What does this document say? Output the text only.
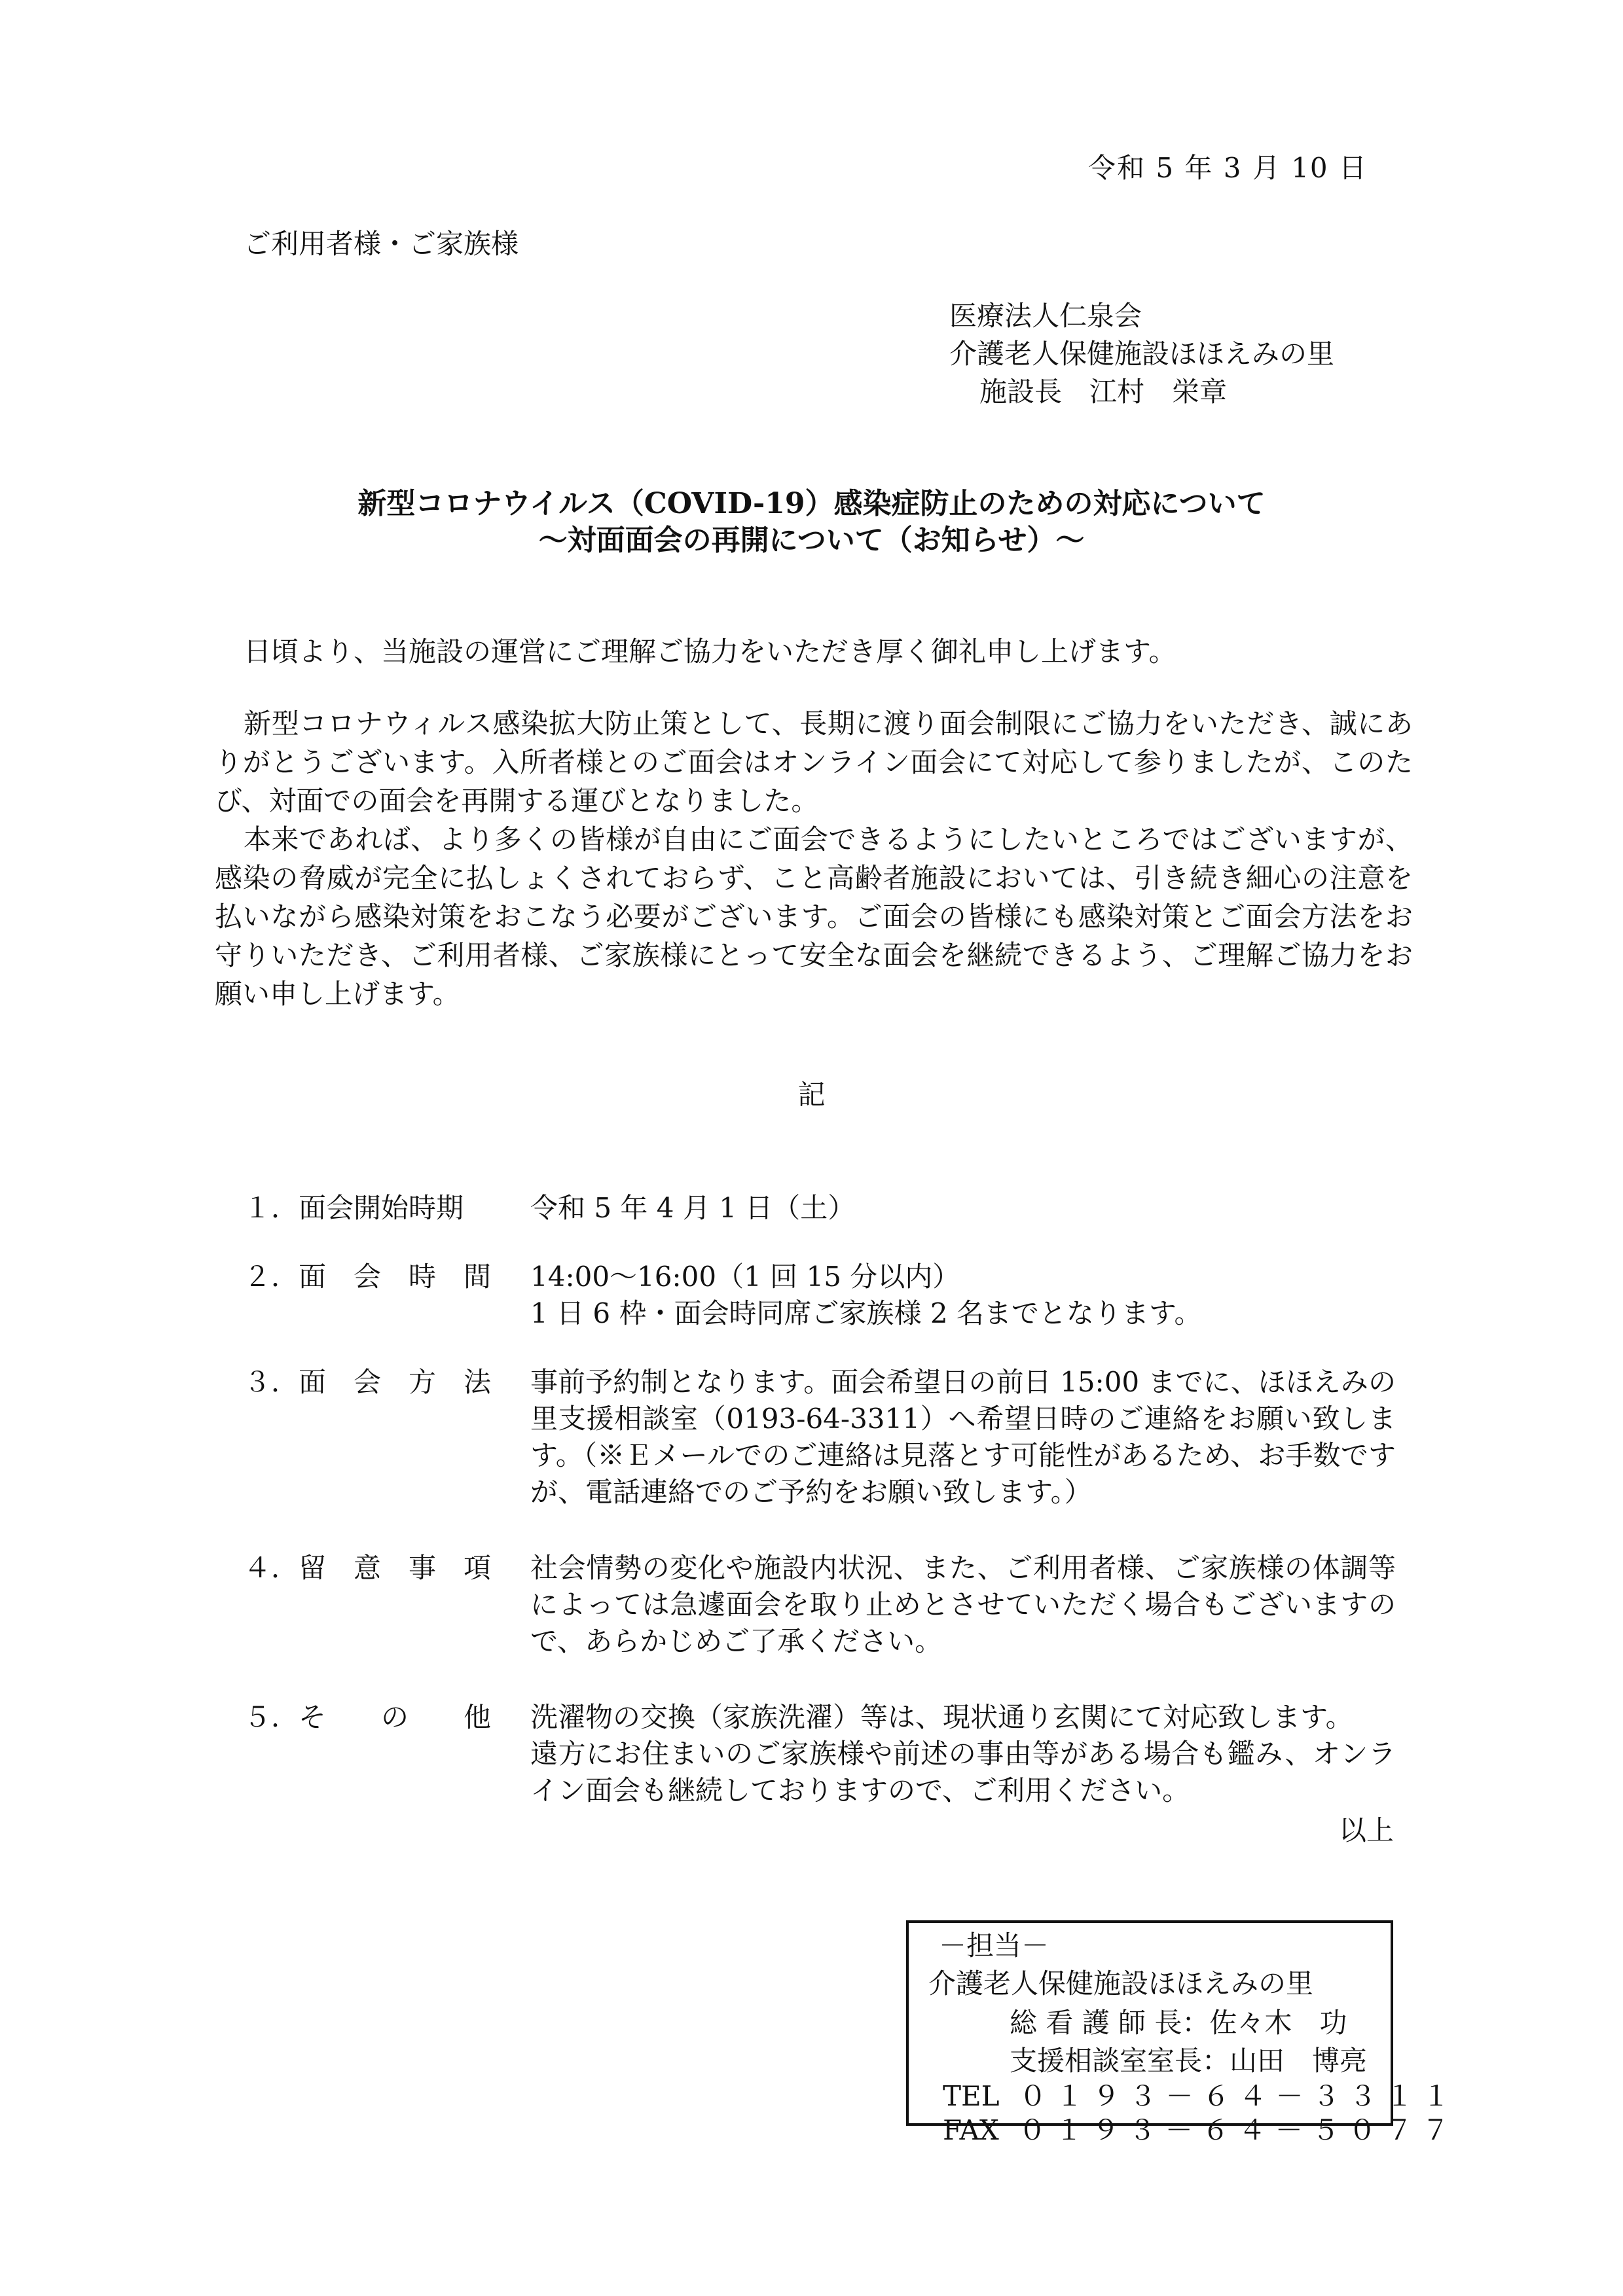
令和 5 年 3 月 10 日
ご利用者様・ご家族様
医療法人仁泉会
介護老人保健施設ほほえみの里
施設長　江村　栄章
新型コロナウイルス（COVID-19）感染症防止のための対応について
～対面面会の再開について（お知らせ）～
日頃より、当施設の運営にご理解ご協力をいただき厚く御礼申し上げます。
新型コロナウィルス感染拡大防止策として、長期に渡り面会制限にご協力をいただき、誠にありがとうございます。入所者様とのご面会はオンライン面会にて対応して参りましたが、このたび、対面での面会を再開する運びとなりました。
本来であれば、より多くの皆様が自由にご面会できるようにしたいところではございますが、感染の脅威が完全に払しょくされておらず、こと高齢者施設においては、引き続き細心の注意を払いながら感染対策をおこなう必要がございます。ご面会の皆様にも感染対策とご面会方法をお守りいただき、ご利用者様、ご家族様にとって安全な面会を継続できるよう、ご理解ご協力をお願い申し上げます。
記
１．面会開始時期 令和 5 年 4 月 1 日（土）
２．面　会　時　間 14:00～16:00（1 回 15 分以内）
1 日 6 枠・面会時同席ご家族様 2 名までとなります。
３．面　会　方　法 事前予約制となります。面会希望日の前日 15:00 までに、ほほえみの里支援相談室（0193-64-3311）へ希望日時のご連絡をお願い致します。（※Ｅメールでのご連絡は見落とす可能性があるため、お手数ですが、電話連絡でのご予約をお願い致します。）
４．留　意　事　項 社会情勢の変化や施設内状況、また、ご利用者様、ご家族様の体調等によっては急遽面会を取り止めとさせていただく場合もございますので、あらかじめご了承ください。
５．そ　　の　　他 洗濯物の交換（家族洗濯）等は、現状通り玄関にて対応致します。
遠方にお住まいのご家族様や前述の事由等がある場合も鑑み、オンライン面会も継続しておりますので、ご利用ください。
以上
－担当－
介護老人保健施設ほほえみの里
総 看 護 師 長：佐々木　功
支援相談室室長：山田　博亮
TEL ０１９３－６４－３３１１
FAX ０１９３－６４－５０７７
